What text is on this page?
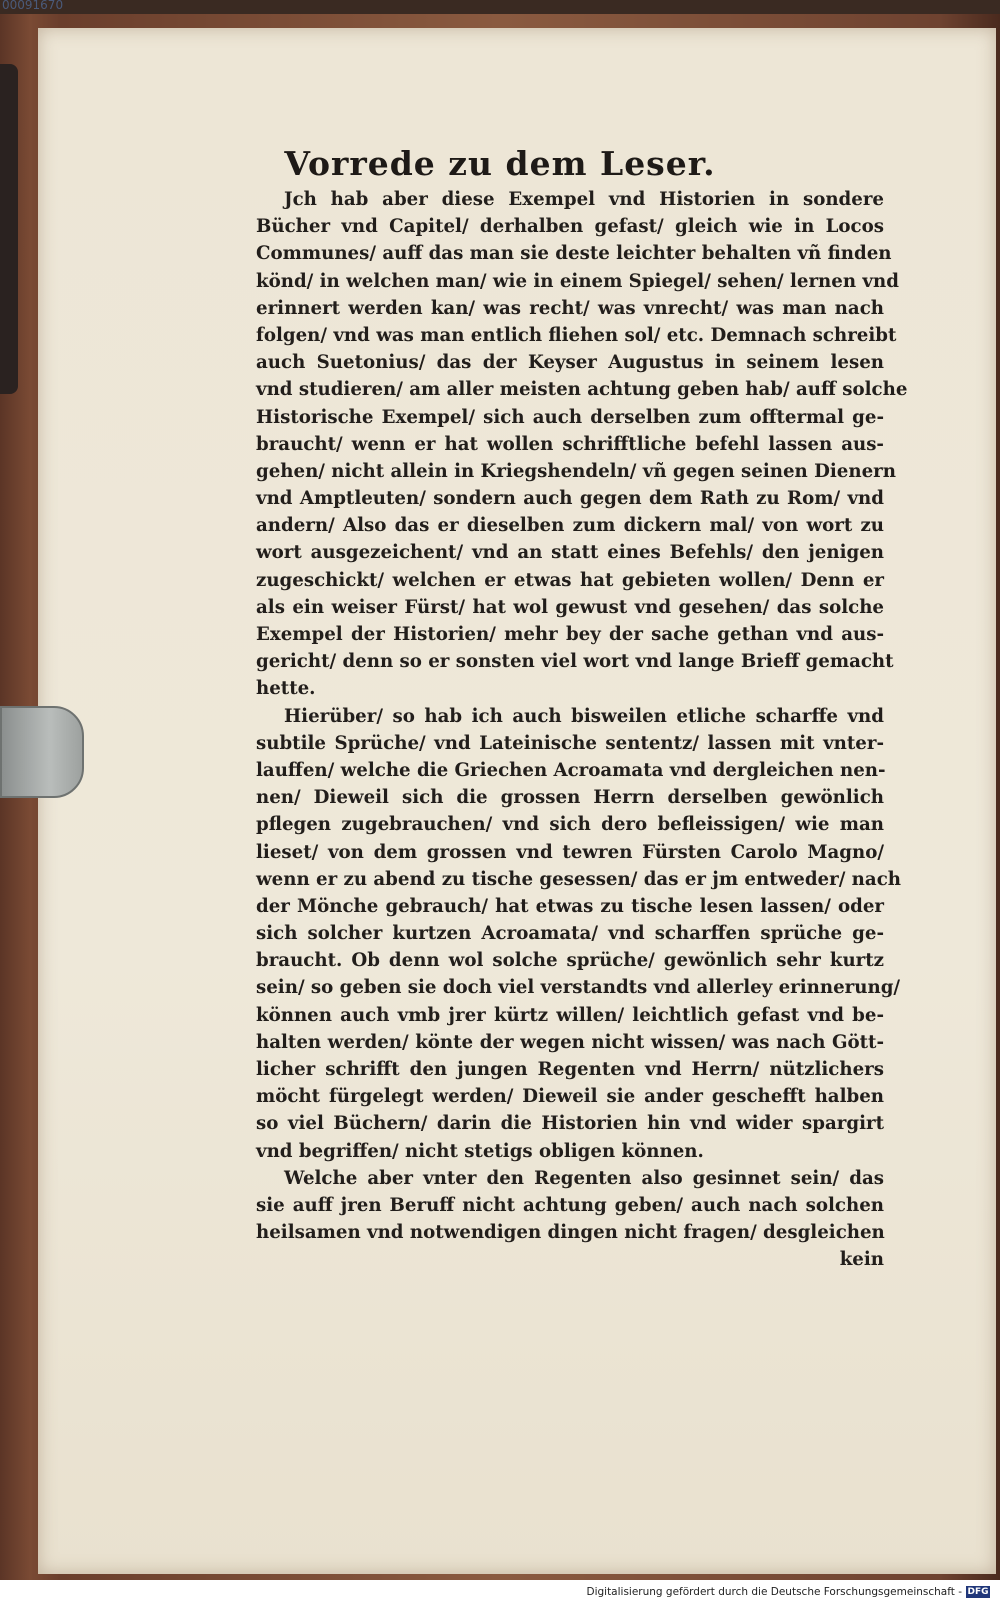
00091670
Vorrede zu dem Leser.
Jch hab aber diese Exempel vnd Historien in sondere
Bücher vnd Capitel/ derhalben gefast/ gleich wie in Locos
Communes/ auff das man sie deste leichter behalten vñ finden
könd/ in welchen man/ wie in einem Spiegel/ sehen/ lernen vnd
erinnert werden kan/ was recht/ was vnrecht/ was man nach
folgen/ vnd was man entlich fliehen sol/ etc. Demnach schreibt
auch Suetonius/ das der Keyser Augustus in seinem lesen
vnd studieren/ am aller meisten achtung geben hab/ auff solche
Historische Exempel/ sich auch derselben zum offtermal ge-
braucht/ wenn er hat wollen schrifftliche befehl lassen aus-
gehen/ nicht allein in Kriegshendeln/ vñ gegen seinen Dienern
vnd Amptleuten/ sondern auch gegen dem Rath zu Rom/ vnd
andern/ Also das er dieselben zum dickern mal/ von wort zu
wort ausgezeichent/ vnd an statt eines Befehls/ den jenigen
zugeschickt/ welchen er etwas hat gebieten wollen/ Denn er
als ein weiser Fürst/ hat wol gewust vnd gesehen/ das solche
Exempel der Historien/ mehr bey der sache gethan vnd aus-
gericht/ denn so er sonsten viel wort vnd lange Brieff gemacht
hette.
Hierüber/ so hab ich auch bisweilen etliche scharffe vnd
subtile Sprüche/ vnd Lateinische sententz/ lassen mit vnter-
lauffen/ welche die Griechen Acroamata vnd dergleichen nen-
nen/ Dieweil sich die grossen Herrn derselben gewönlich
pflegen zugebrauchen/ vnd sich dero befleissigen/ wie man
lieset/ von dem grossen vnd tewren Fürsten Carolo Magno/
wenn er zu abend zu tische gesessen/ das er jm entweder/ nach
der Mönche gebrauch/ hat etwas zu tische lesen lassen/ oder
sich solcher kurtzen Acroamata/ vnd scharffen sprüche ge-
braucht. Ob denn wol solche sprüche/ gewönlich sehr kurtz
sein/ so geben sie doch viel verstandts vnd allerley erinnerung/
können auch vmb jrer kürtz willen/ leichtlich gefast vnd be-
halten werden/ könte der wegen nicht wissen/ was nach Gött-
licher schrifft den jungen Regenten vnd Herrn/ nützlichers
möcht fürgelegt werden/ Dieweil sie ander geschefft halben
so viel Büchern/ darin die Historien hin vnd wider spargirt
vnd begriffen/ nicht stetigs obligen können.
Welche aber vnter den Regenten also gesinnet sein/ das
sie auff jren Beruff nicht achtung geben/ auch nach solchen
heilsamen vnd notwendigen dingen nicht fragen/ desgleichen
kein
Digitalisierung gefördert durch die Deutsche Forschungsgemeinschaft - DFG
